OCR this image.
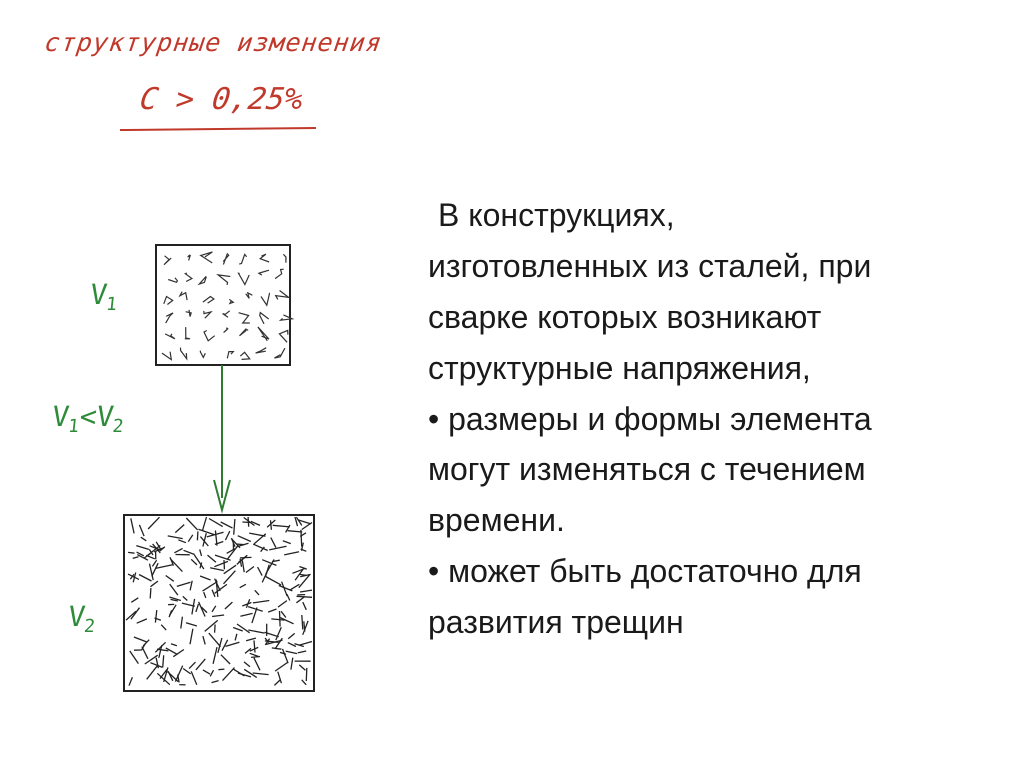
структурные изменения
C > 0,25%
$V_1$
$V_1<V_2$
$V_2$
В конструкциях,
изготовленных из сталей, при
сварке которых возникают
структурные напряжения,
• размеры и формы элемента
могут изменяться с течением
времени.
• может быть достаточно для
развития трещин
